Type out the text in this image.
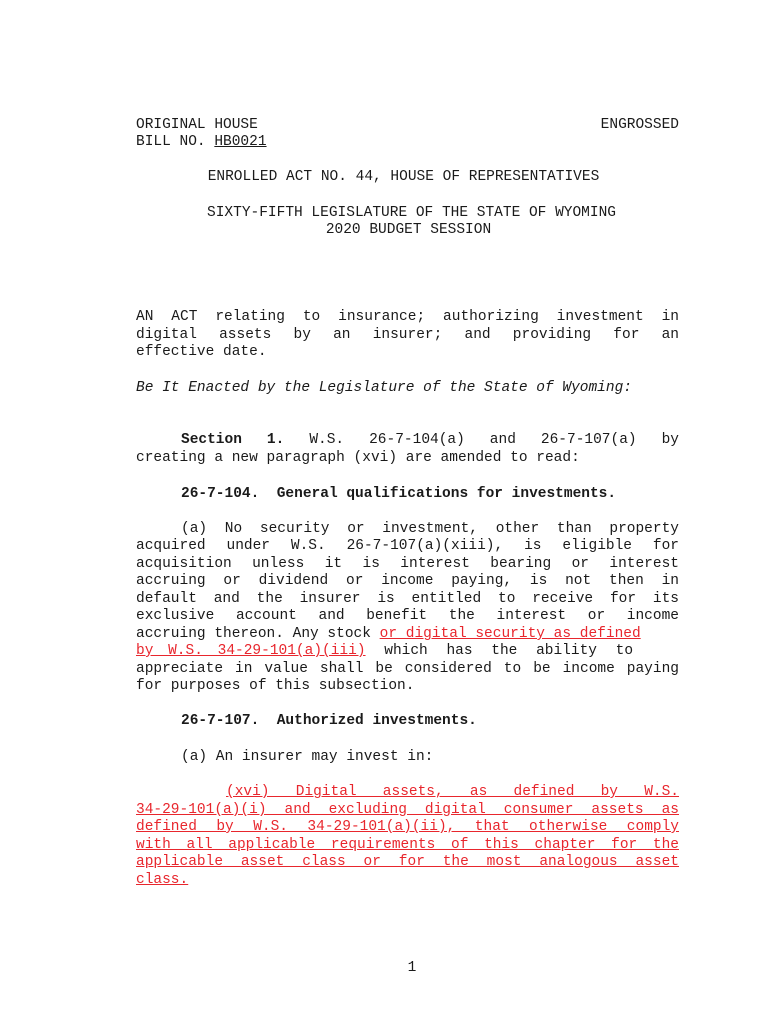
ORIGINAL HOUSE	ENGROSSED
BILL NO. HB0021
ENROLLED ACT NO. 44, HOUSE OF REPRESENTATIVES
SIXTY-FIFTH LEGISLATURE OF THE STATE OF WYOMING
2020 BUDGET SESSION
AN ACT relating to insurance; authorizing investment in
digital assets by an insurer; and providing for an
effective date.
Be It Enacted by the Legislature of the State of Wyoming:
Section 1. W.S. 26-7-104(a) and 26-7-107(a) by
creating a new paragraph (xvi) are amended to read:
26-7-104. General qualifications for investments.
(a) No security or investment, other than property
acquired under W.S. 26-7-107(a)(xiii), is eligible for
acquisition unless it is interest bearing or interest
accruing or dividend or income paying, is not then in
default and the insurer is entitled to receive for its
exclusive account and benefit the interest or income
accruing thereon. Any stock or digital security as defined
by W.S. 34-29-101(a)(iii) which has the ability to
appreciate in value shall be considered to be income paying
for purposes of this subsection.
26-7-107. Authorized investments.
(a) An insurer may invest in:
(xvi) Digital assets, as defined by W.S.
34-29-101(a)(i) and excluding digital consumer assets as
defined by W.S. 34-29-101(a)(ii), that otherwise comply
with all applicable requirements of this chapter for the
applicable asset class or for the most analogous asset
class.
1
